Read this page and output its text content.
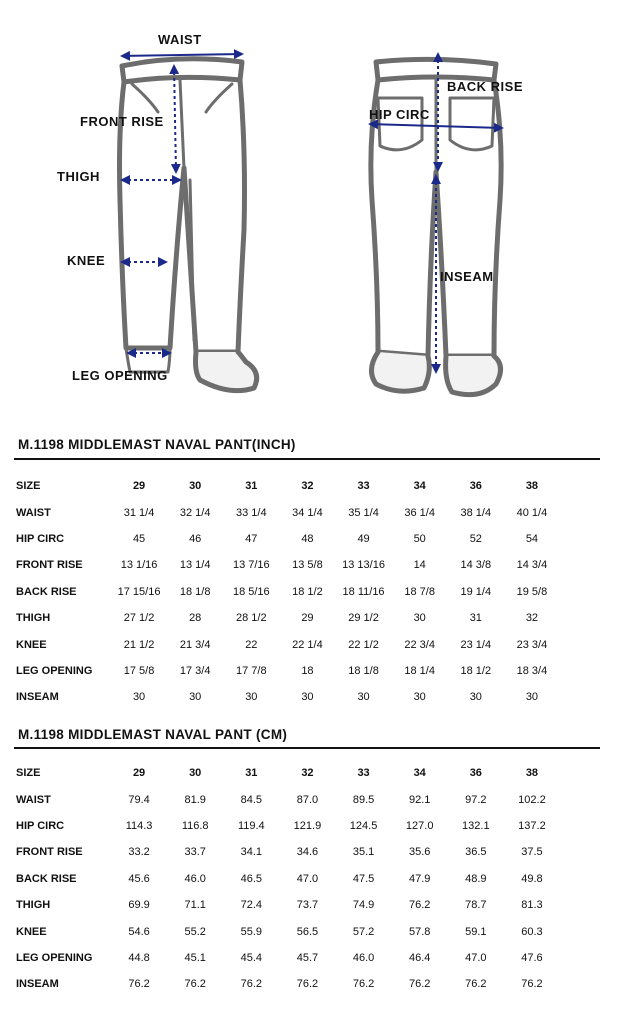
WAIST
FRONT RISE
THIGH
KNEE
LEG OPENING
BACK RISE
HIP CIRC
INSEAM
M.1198 MIDDLEMAST NAVAL PANT(INCH)
SIZE	29	30	31	32	33	34	36	38
WAIST	31 1/4	32 1/4	33 1/4	34 1/4	35 1/4	36 1/4	38 1/4	40 1/4
HIP CIRC	45	46	47	48	49	50	52	54
FRONT RISE	13 1/16	13 1/4	13 7/16	13 5/8	13 13/16	14	14 3/8	14 3/4
BACK RISE	17 15/16	18 1/8	18 5/16	18 1/2	18 11/16	18 7/8	19 1/4	19 5/8
THIGH	27 1/2	28	28 1/2	29	29 1/2	30	31	32
KNEE	21 1/2	21 3/4	22	22 1/4	22 1/2	22 3/4	23 1/4	23 3/4
LEG OPENING	17 5/8	17 3/4	17 7/8	18	18 1/8	18 1/4	18 1/2	18 3/4
INSEAM	30	30	30	30	30	30	30	30
M.1198 MIDDLEMAST NAVAL PANT (CM)
SIZE	29	30	31	32	33	34	36	38
WAIST	79.4	81.9	84.5	87.0	89.5	92.1	97.2	102.2
HIP CIRC	114.3	116.8	119.4	121.9	124.5	127.0	132.1	137.2
FRONT RISE	33.2	33.7	34.1	34.6	35.1	35.6	36.5	37.5
BACK RISE	45.6	46.0	46.5	47.0	47.5	47.9	48.9	49.8
THIGH	69.9	71.1	72.4	73.7	74.9	76.2	78.7	81.3
KNEE	54.6	55.2	55.9	56.5	57.2	57.8	59.1	60.3
LEG OPENING	44.8	45.1	45.4	45.7	46.0	46.4	47.0	47.6
INSEAM	76.2	76.2	76.2	76.2	76.2	76.2	76.2	76.2
